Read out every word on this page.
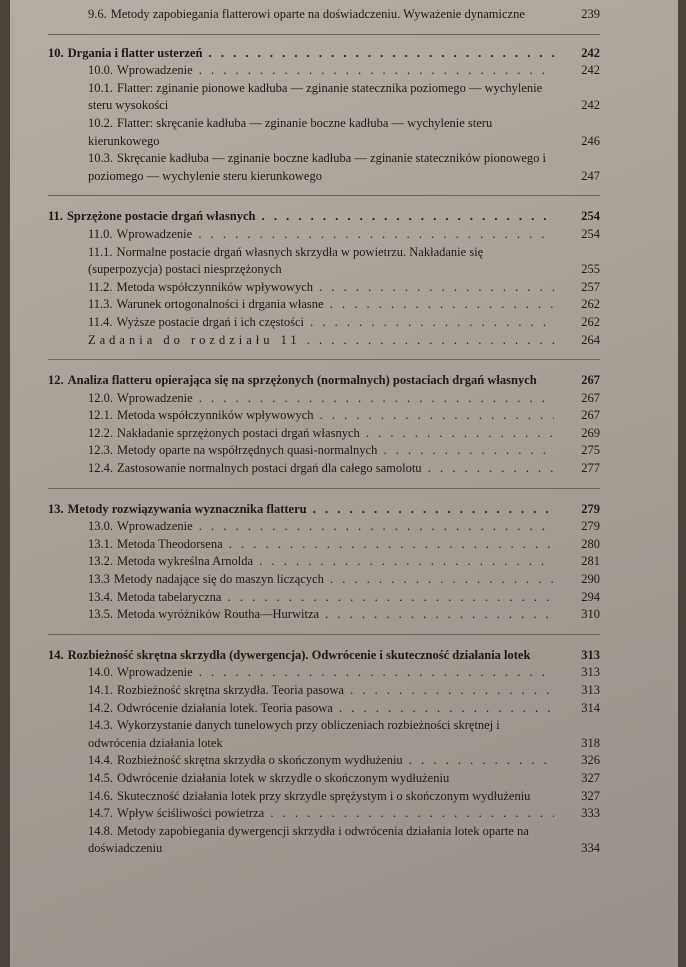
9.6. Metody zapobiegania flatterowi oparte na doświadczeniu. Wyważenie dynamiczne	239
10. Drgania i flatter usterzeń . . .	242
10.0. Wprowadzenie . . .	242
10.1. Flatter: zginanie pionowe kadłuba — zginanie statecznika poziomego — wychylenie steru wysokości	242
10.2. Flatter: skręcanie kadłuba — zginanie boczne kadłuba — wychylenie steru kierunkowego	246
10.3. Skręcanie kadłuba — zginanie boczne kadłuba — zginanie stateczników pionowego i poziomego — wychylenie steru kierunkowego	247
11. Sprzężone postacie drgań własnych . . .	254
11.0. Wprowadzenie . . .	254
11.1. Normalne postacie drgań własnych skrzydła w powietrzu. Nakładanie się (superpozycja) postaci niesprzężonych	255
11.2. Metoda współczynników wpływowych . . .	257
11.3. Warunek ortogonalności i drgania własne . . .	262
11.4. Wyższe postacie drgań i ich częstości . . .	262
Zadania do rozdziału 11 . . .	264
12. Analiza flatteru opierająca się na sprzężonych (normalnych) postaciach drgań własnych	267
12.0. Wprowadzenie . . .	267
12.1. Metoda współczynników wpływowych . . .	267
12.2. Nakładanie sprzężonych postaci drgań własnych . . .	269
12.3. Metody oparte na współrzędnych quasi-normalnych . . .	275
12.4. Zastosowanie normalnych postaci drgań dla całego samolotu . . .	277
13. Metody rozwiązywania wyznacznika flatteru . . .	279
13.0. Wprowadzenie . . .	279
13.1. Metoda Theodorsena . . .	280
13.2. Metoda wykreślna Arnolda . . .	281
13.3 Metody nadające się do maszyn liczących . . .	290
13.4. Metoda tabelaryczna . . .	294
13.5. Metoda wyróżników Routha—Hurwitza . . .	310
14. Rozbieżność skrętna skrzydła (dywergencja). Odwrócenie i skuteczność działania lotek	313
14.0. Wprowadzenie . . .	313
14.1. Rozbieżność skrętna skrzydła. Teoria pasowa . . .	313
14.2. Odwrócenie działania lotek. Teoria pasowa . . .	314
14.3. Wykorzystanie danych tunelowych przy obliczeniach rozbieżności skrętnej i odwrócenia działania lotek	318
14.4. Rozbieżność skrętna skrzydła o skończonym wydłużeniu . . .	326
14.5. Odwrócenie działania lotek w skrzydle o skończonym wydłużeniu	327
14.6. Skuteczność działania lotek przy skrzydle sprężystym i o skończonym wydłużeniu	327
14.7. Wpływ ściśliwości powietrza . . .	333
14.8. Metody zapobiegania dywergencji skrzydła i odwrócenia działania lotek oparte na doświadczeniu	334
